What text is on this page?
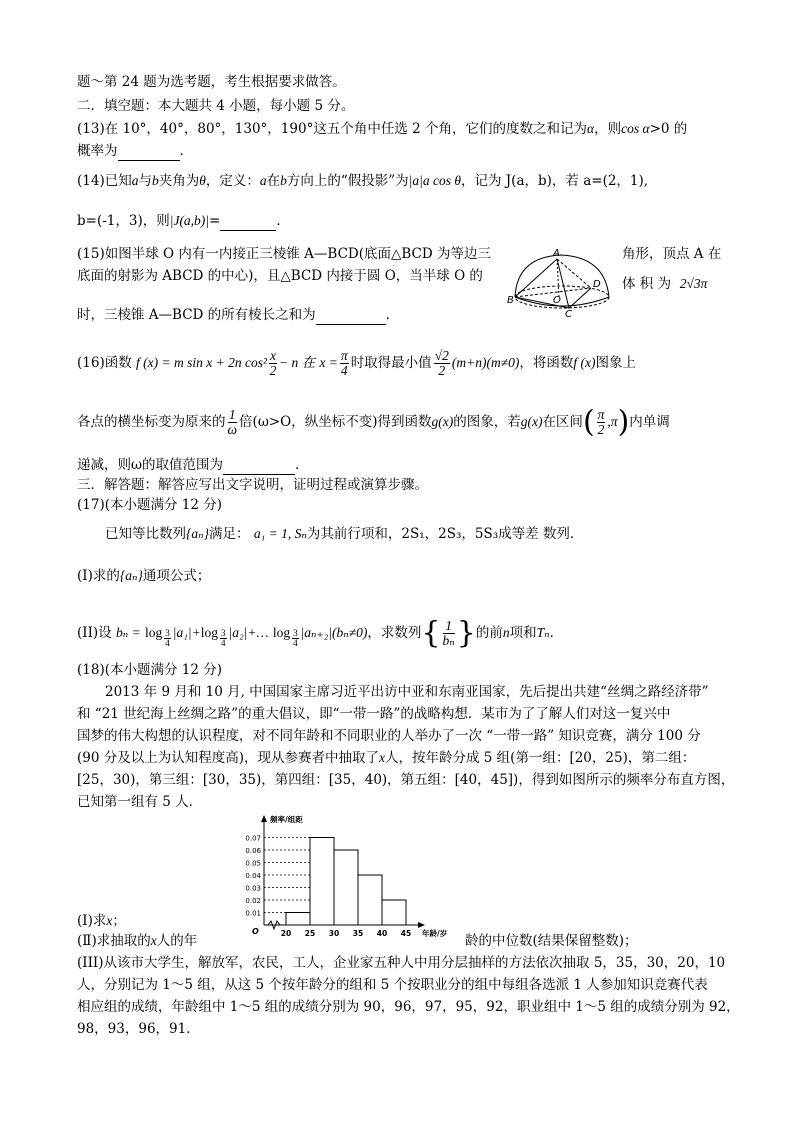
题～第 24 题为选考题，考生根据要求做答。
二．填空题：本大题共 4 小题，每小题 5 分。
(13)在 10°，40°，80°，130°，190°这五个角中任选 2 个角，它们的度数之和记为α，则cos α>0 的
概率为	．
(14)已知a与b夹角为θ，定义：a在b方向上的“假投影”为|a|a cos θ，记为 J(a，b)，若 a=(2，1),
b=(-1，3)，则|J(a,b)|=	．
(15)如图半球 O 内有一内接正三棱锥 A—BCD(底面△BCD 为等边三	角形，顶点 A 在
底面的射影为 ABCD 的中心)，且△BCD 内接于圆 O，当半球 O 的	体 积 为 2√3π
时，三棱锥 A—BCD 的所有棱长之和为	．
A
B
C
D
O
(16)函数 f (x) = m sin x + 2n $\cos^2 \frac{x}{2} - n$ 在 $x = \frac{\pi}{4}$ 时取得最小值 $\frac{√2}{2} (m+n)(m\ne 0)$，将函数f (x)图象上
各点的横坐标变为原来的 $\frac{1}{\omega}$ 倍(ω>O，纵坐标不变)得到函数g(x)的图象，若g(x)在区间( $\frac{\pi}{2} ,\pi$)内单调
递减，则ω的取值范围为	．
三．解答题：解答应写出文字说明，证明过程或演算步骤。
(17)(本小题满分 12 分)
已知等比数列{aₙ}满足： a₁ = 1, Sₙ为其前行项和，2S₁，2S₃，5S₃成等差 数列．
(I)求的{aₙ}通项公式；
(II)设 bₙ = log $_{\frac{3}{4}}$ |a₁|+log $_{\frac{3}{4}}$ |a₂|+… log $_{\frac{3}{4}}$ |aₙ₊₂|(bₙ≠0)，求数列{ $\frac{1}{\text{bₙ}}$ }的前n项和Tₙ．
(18)(本小题满分 12 分)
2013 年 9 月和 10 月, 中国国家主席习近平出访中亚和东南亚国家，先后提出共建“丝绸之路经济带”
和 “21 世纪海上丝绸之路”的重大倡议，即“一带一路”的战略构想．某市为了了解人们对这一复兴中
国梦的伟大构想的认识程度，对不同年龄和不同职业的人举办了一次 “一带一路” 知识竞赛，满分 100 分
(90 分及以上为认知程度高)，现从参赛者中抽取了x人，按年龄分成 5 组(第一组：[20，25)，第二组：
[25，30)，第三组：[30，35)，第四组：[35，40)，第五组：[40，45])，得到如图所示的频率分布直方图，
已知第一组有 5 人．
0.01
0.02
0.03
0.04
0.05
0.06
0.07
20 25 30 35 40 45 年龄/岁
频率/组距
O
(I)求x；
(Ⅱ)求抽取的x人的年	龄的中位数(结果保留整数)；
(III)从该市大学生，解放军，农民，工人，企业家五种人中用分层抽样的方法依次抽取 5，35，30，20，10
人，分别记为 1～5 组，从这 5 个按年龄分的组和 5 个按职业分的组中每组各选派 1 人参加知识竞赛代表
相应组的成绩，年龄组中 1～5 组的成绩分别为 90，96，97，95，92，职业组中 1～5 组的成绩分别为 92，
98，93，96，91．
